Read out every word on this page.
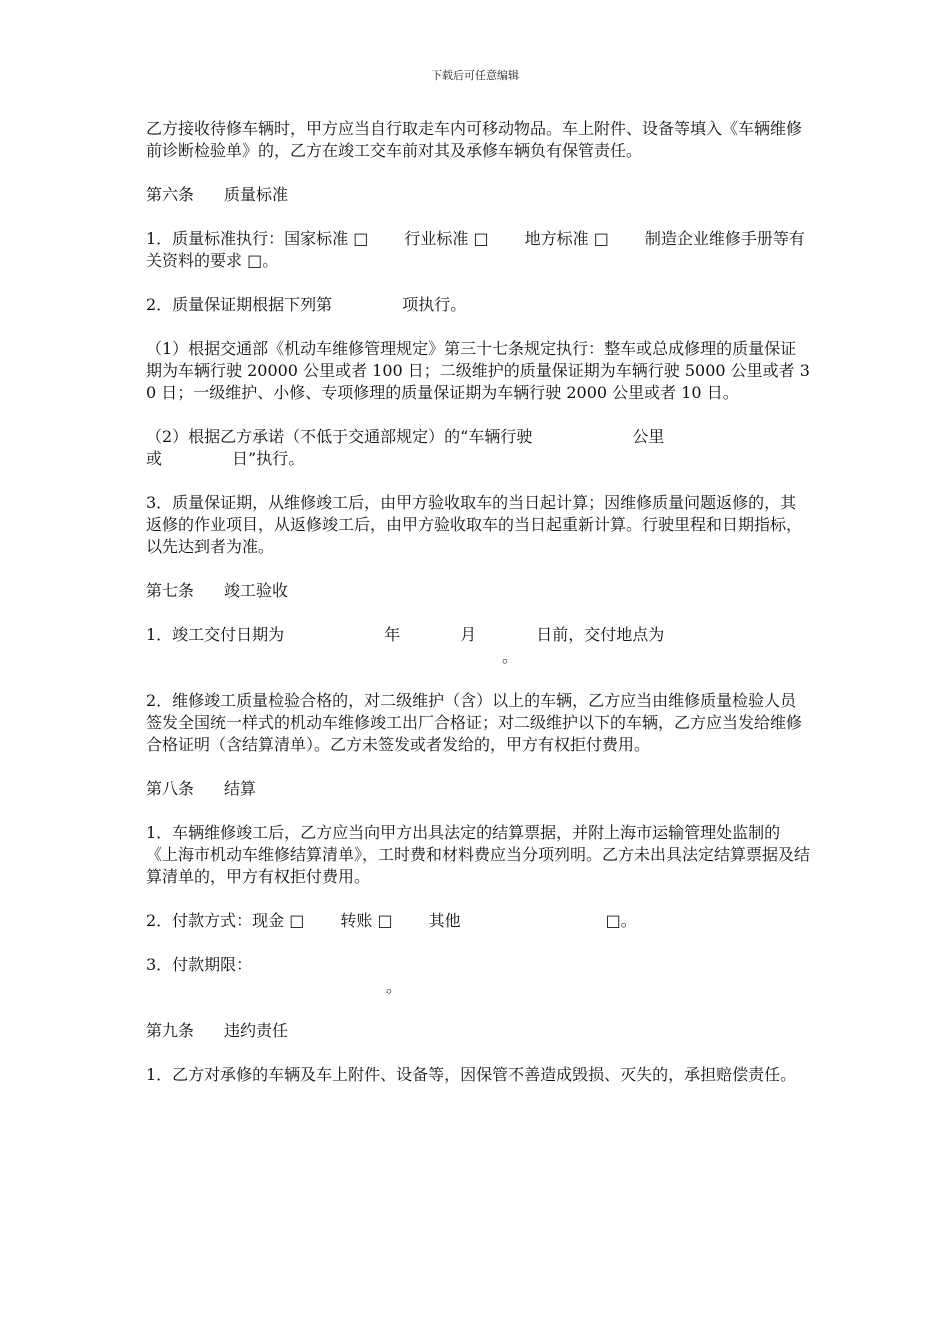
下载后可任意编辑

乙方接收待修车辆时，甲方应当自行取走车内可移动物品。车上附件、设备等填入《车辆维修前诊断检验单》的，乙方在竣工交车前对其及承修车辆负有保管责任。

第六条 质量标准

1．质量标准执行：国家标准 □ 行业标准 □ 地方标准 □ 制造企业维修手册等有关资料的要求 □。

2．质量保证期根据下列第	项执行。

（1）根据交通部《机动车维修管理规定》第三十七条规定执行：整车或总成修理的质量保证期为车辆行驶 20000 公里或者 100 日；二级维护的质量保证期为车辆行驶 5000 公里或者 30 日；一级维护、小修、专项修理的质量保证期为车辆行驶 2000 公里或者 10 日。

（2）根据乙方承诺（不低于交通部规定）的“车辆行驶	公里

或	日”执行。

3．质量保证期，从维修竣工后，由甲方验收取车的当日起计算；因维修质量问题返修的，其返修的作业项目，从返修竣工后，由甲方验收取车的当日起重新计算。行驶里程和日期指标，以先达到者为准。

第七条 竣工验收

1．竣工交付日期为	年	月	日前，交付地点为

。

2．维修竣工质量检验合格的，对二级维护（含）以上的车辆，乙方应当由维修质量检验人员签发全国统一样式的机动车维修竣工出厂合格证；对二级维护以下的车辆，乙方应当发给维修合格证明（含结算清单）。乙方未签发或者发给的，甲方有权拒付费用。

第八条 结算

1．车辆维修竣工后，乙方应当向甲方出具法定的结算票据，并附上海市运输管理处监制的《上海市机动车维修结算清单》，工时费和材料费应当分项列明。乙方未出具法定结算票据及结算清单的，甲方有权拒付费用。

2．付款方式：现金 □ 转账 □ 其他	□。

3．付款期限：

。

第九条 违约责任

1．乙方对承修的车辆及车上附件、设备等，因保管不善造成毁损、灭失的，承担赔偿责任。
